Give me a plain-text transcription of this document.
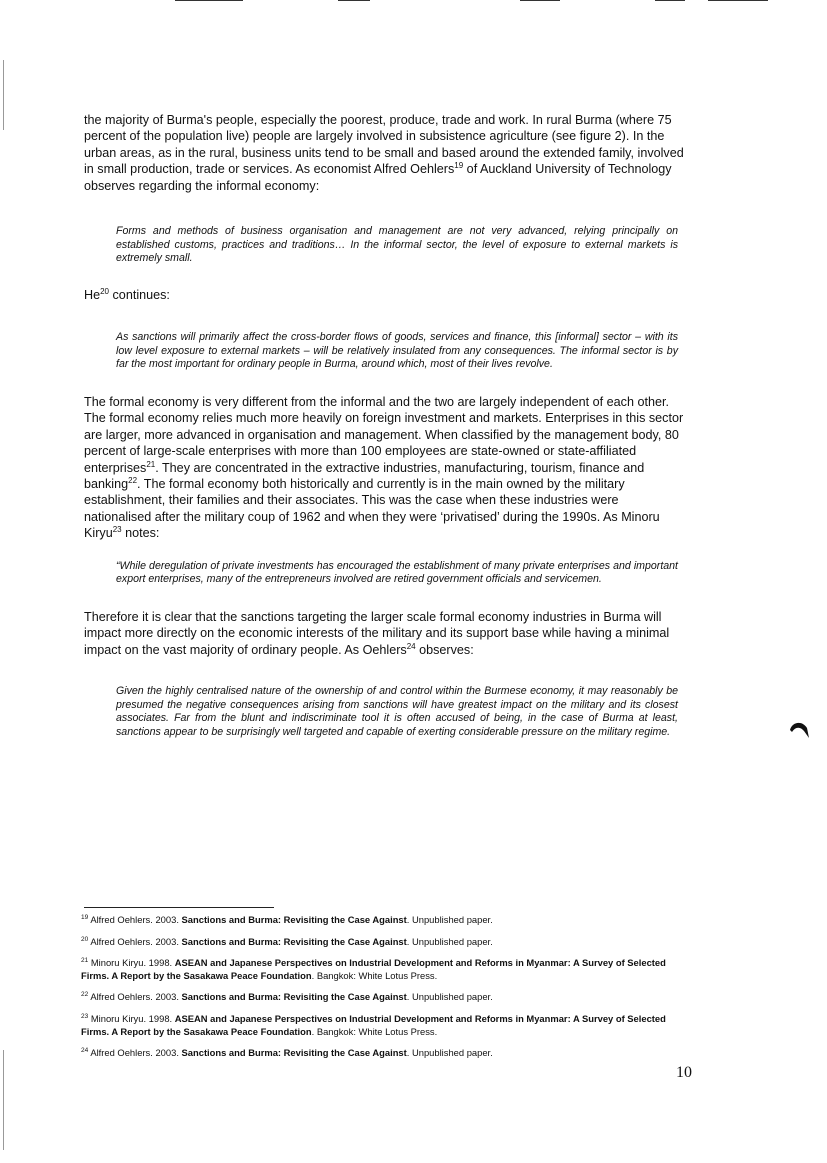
the majority of Burma's people, especially the poorest, produce, trade and work. In rural Burma (where 75 percent of the population live) people are largely involved in subsistence agriculture (see figure 2). In the urban areas, as in the rural, business units tend to be small and based around the extended family, involved in small production, trade or services. As economist Alfred Oehlers$^{19}$ of Auckland University of Technology observes regarding the informal economy:

Forms and methods of business organisation and management are not very advanced, relying principally on established customs, practices and traditions… In the informal sector, the level of exposure to external markets is extremely small.

He$^{20}$ continues:

As sanctions will primarily affect the cross-border flows of goods, services and finance, this [informal] sector – with its low level exposure to external markets – will be relatively insulated from any consequences. The informal sector is by far the most important for ordinary people in Burma, around which, most of their lives revolve.

The formal economy is very different from the informal and the two are largely independent of each other. The formal economy relies much more heavily on foreign investment and markets. Enterprises in this sector are larger, more advanced in organisation and management. When classified by the management body, 80 percent of large-scale enterprises with more than 100 employees are state-owned or state-affiliated enterprises$^{21}$. They are concentrated in the extractive industries, manufacturing, tourism, finance and banking$^{22}$. The formal economy both historically and currently is in the main owned by the military establishment, their families and their associates. This was the case when these industries were nationalised after the military coup of 1962 and when they were ‘privatised’ during the 1990s. As Minoru Kiryu$^{23}$ notes:

“While deregulation of private investments has encouraged the establishment of many private enterprises and important export enterprises, many of the entrepreneurs involved are retired government officials and servicemen.

Therefore it is clear that the sanctions targeting the larger scale formal economy industries in Burma will impact more directly on the economic interests of the military and its support base while having a minimal impact on the vast majority of ordinary people. As Oehlers$^{24}$ observes:

Given the highly centralised nature of the ownership of and control within the Burmese economy, it may reasonably be presumed the negative consequences arising from sanctions will have greatest impact on the military and its closest associates. Far from the blunt and indiscriminate tool it is often accused of being, in the case of Burma at least, sanctions appear to be surprisingly well targeted and capable of exerting considerable pressure on the military regime.

$^{19}$ Alfred Oehlers. 2003. Sanctions and Burma: Revisiting the Case Against. Unpublished paper.

$^{20}$ Alfred Oehlers. 2003. Sanctions and Burma: Revisiting the Case Against. Unpublished paper.

$^{21}$ Minoru Kiryu. 1998. ASEAN and Japanese Perspectives on Industrial Development and Reforms in Myanmar: A Survey of Selected Firms. A Report by the Sasakawa Peace Foundation. Bangkok: White Lotus Press.

$^{22}$ Alfred Oehlers. 2003. Sanctions and Burma: Revisiting the Case Against. Unpublished paper.

$^{23}$ Minoru Kiryu. 1998. ASEAN and Japanese Perspectives on Industrial Development and Reforms in Myanmar: A Survey of Selected Firms. A Report by the Sasakawa Peace Foundation. Bangkok: White Lotus Press.

$^{24}$ Alfred Oehlers. 2003. Sanctions and Burma: Revisiting the Case Against. Unpublished paper.

10
